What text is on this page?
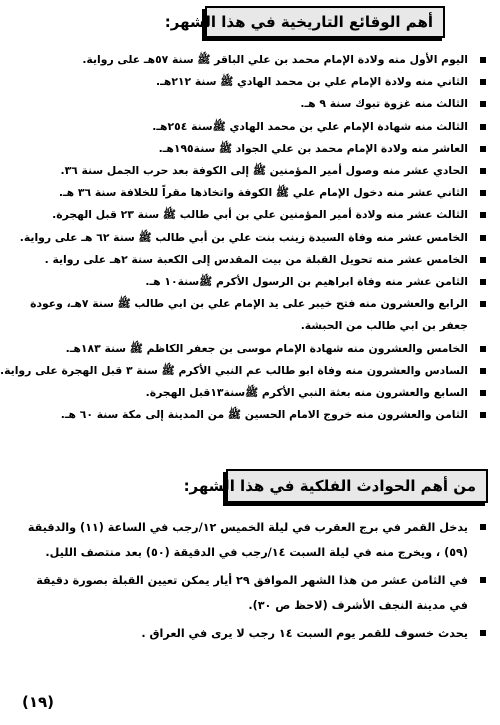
أهم الوقائع التاريخية في هذا الشهر:
اليوم الأول منه ولادة الإمام محمد بن علي الباقر ﷺ سنة ٥٧هـ على رواية.
الثاني منه ولادة الإمام علي بن محمد الهادي ﷺ سنة ٢١٢هـ.
الثالث منه غزوة تبوك سنة ٩ هـ.
الثالث منه شهادة الإمام علي بن محمد الهادي ﷺسنة ٢٥٤هـ.
العاشر منه ولادة الإمام محمد بن علي الجواد ﷺ سنة١٩٥هـ.
الحادي عشر منه وصول أمير المؤمنين ﷺ إلى الكوفة بعد حرب الجمل سنة ٣٦.
الثاني عشر منه دخول الإمام علي ﷺ الكوفة واتخاذها مقراً للخلافة سنة ٣٦ هـ.
الثالث عشر منه ولادة أمير المؤمنين علي بن أبي طالب ﷺ سنة ٢٣ قبل الهجرة.
الخامس عشر منه وفاة السيدة زينب بنت علي بن أبي طالب ﷺ سنة ٦٢ هـ على رواية.
الخامس عشر منه تحويل القبلة من بيت المقدس إلى الكعبة سنة ٢هـ على رواية .
الثامن عشر منه وفاة ابراهيم بن الرسول الأكرم ﷺسنة١٠ هـ.
الرابع والعشرون منه فتح خيبر على يد الإمام علي بن ابي طالب ﷺ سنة ٧هـ، وعودة جعفر بن ابي طالب من الحبشة.
الخامس والعشرون منه شهادة الإمام موسى بن جعفر الكاظم ﷺ سنة ١٨٣هـ.
السادس والعشرون منه وفاة ابو طالب عم النبي الأكرم ﷺ سنة ٣ قبل الهجرة على رواية.
السابع والعشرون منه بعثة النبي الأكرم ﷺسنة١٣قبل الهجرة.
الثامن والعشرون منه خروج الامام الحسين ﷺ من المدينة إلى مكة سنة ٦٠ هـ.
من أهم الحوادث الفلكية في هذا الشهر:
يدخل القمر في برج العقرب في ليلة الخميس ١٢/رجب في الساعة (١١) والدقيقة (٥٩) ، ويخرج منه في ليلة السبت ١٤/رجب في الدقيقة (٥٠) بعد منتصف الليل.
في الثامن عشر من هذا الشهر الموافق ٢٩ أيار يمكن تعيين القبلة بصورة دقيقة في مدينة النجف الأشرف (لاحظ ص ٣٠).
يحدث خسوف للقمر يوم السبت ١٤ رجب لا يرى في العراق .
(١٩)
